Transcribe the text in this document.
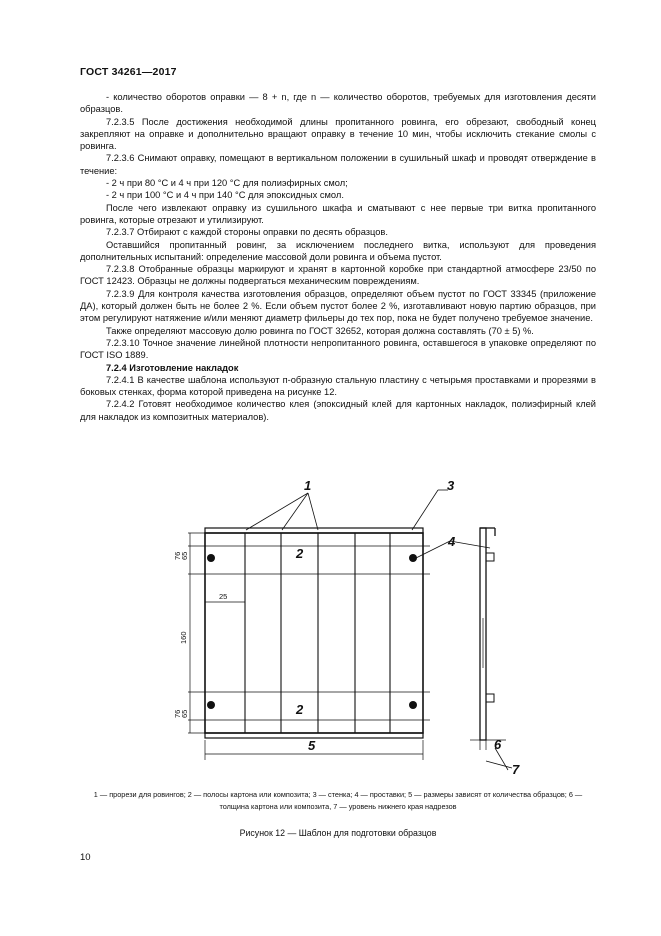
ГОСТ 34261—2017

- количество оборотов оправки — 8 + n, где n — количество оборотов, требуемых для изготовления десяти образцов.

7.2.3.5 После достижения необходимой длины пропитанного ровинга, его обрезают, свободный конец закрепляют на оправке и дополнительно вращают оправку в течение 10 мин, чтобы исключить стекание смолы с ровинга.

7.2.3.6 Снимают оправку, помещают в вертикальном положении в сушильный шкаф и проводят отверждение в течение:

- 2 ч при 80 °С и 4 ч при 120 °С для полиэфирных смол;

- 2 ч при 100 °С и 4 ч при 140 °С для эпоксидных смол.

После чего извлекают оправку из сушильного шкафа и сматывают с нее первые три витка пропитанного ровинга, которые отрезают и утилизируют.

7.2.3.7 Отбирают с каждой стороны оправки по десять образцов.

Оставшийся пропитанный ровинг, за исключением последнего витка, используют для проведения дополнительных испытаний: определение массовой доли ровинга и объема пустот.

7.2.3.8 Отобранные образцы маркируют и хранят в картонной коробке при стандартной атмосфере 23/50 по ГОСТ 12423. Образцы не должны подвергаться механическим повреждениям.

7.2.3.9 Для контроля качества изготовления образцов, определяют объем пустот по ГОСТ 33345 (приложение ДА), который должен быть не более 2 %. Если объем пустот более 2 %, изготавливают новую партию образцов, при этом регулируют натяжение и/или меняют диаметр фильеры до тех пор, пока не будет получено требуемое значение.

Также определяют массовую долю ровинга по ГОСТ 32652, которая должна составлять (70 ± 5) %.

7.2.3.10 Точное значение линейной плотности непропитанного ровинга, оставшегося в упаковке определяют по ГОСТ ISO 1889.

7.2.4 Изготовление накладок

7.2.4.1 В качестве шаблона используют п-образную стальную пластину с четырьмя проставками и прорезями в боковых стенках, форма которой приведена на рисунке 12.

7.2.4.2 Готовят необходимое количество клея (эпоксидный клей для картонных накладок, полиэфирный клей для накладок из композитных материалов).

1
2
2
3
4
5	6
7
76
65
25
160
76
65
1 — прорези для ровингов; 2 — полосы картона или композита; 3 — стенка; 4 — проставки; 5 — размеры зависят от количества образцов; 6 — толщина картона или композита, 7 — уровень нижнего края надрезов
Рисунок 12 — Шаблон для подготовки образцов
10
